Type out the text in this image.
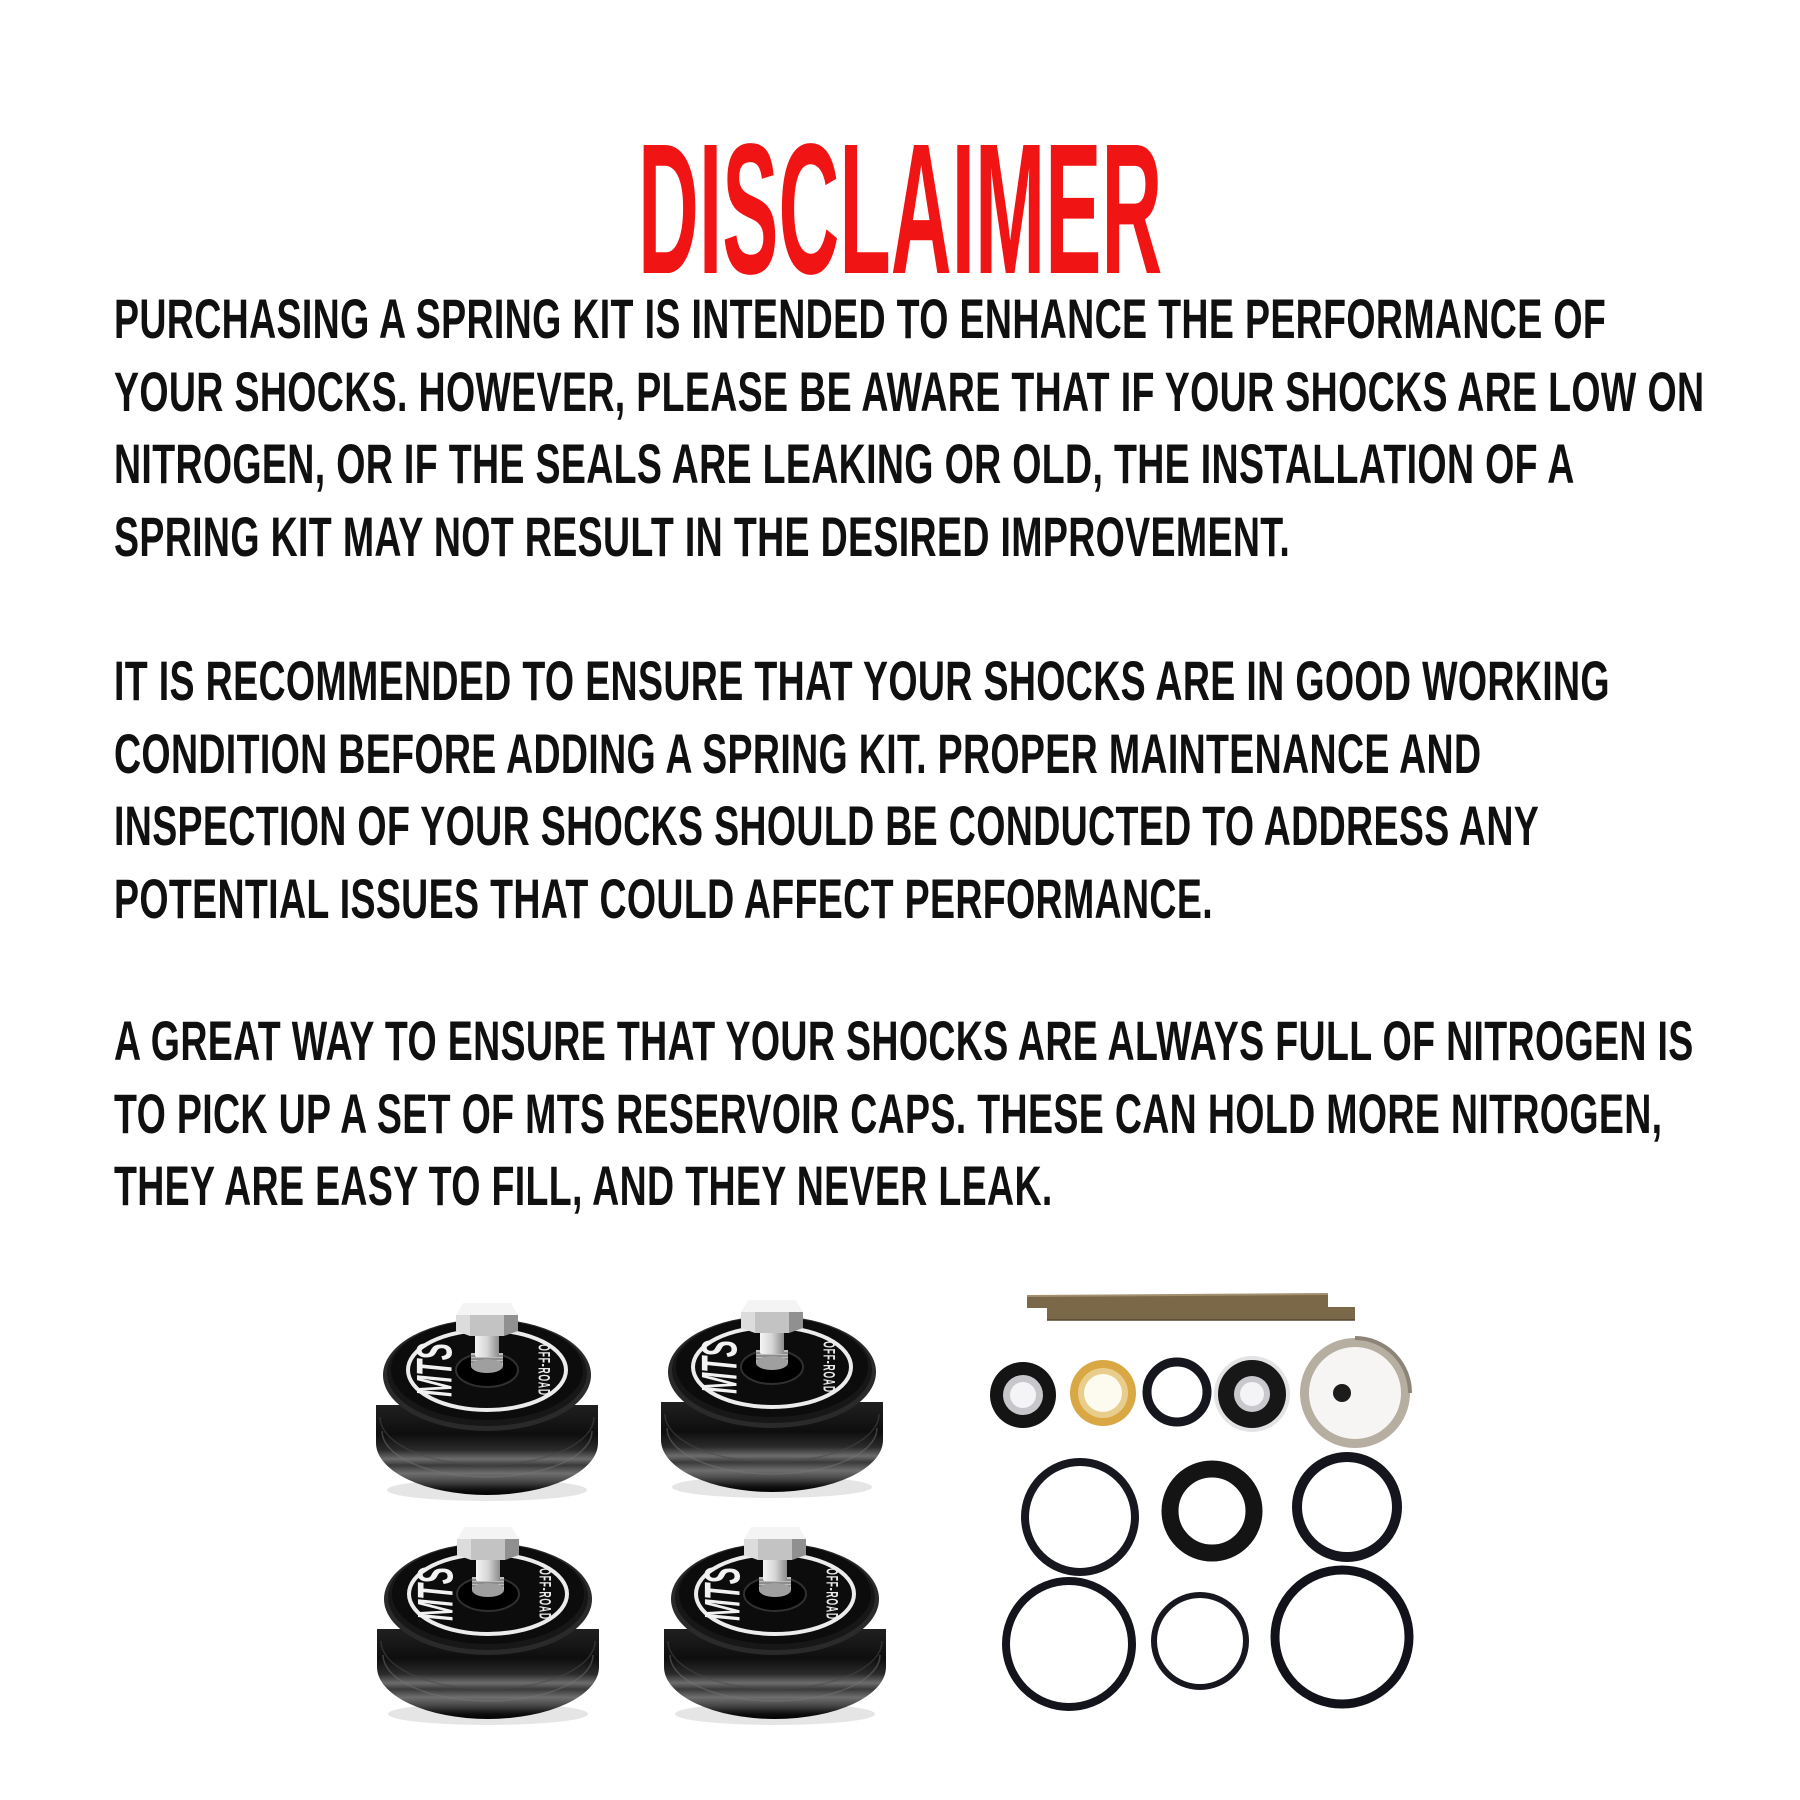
DISCLAIMER
PURCHASING A SPRING KIT IS INTENDED TO ENHANCE THE PERFORMANCE OF
YOUR SHOCKS. HOWEVER, PLEASE BE AWARE THAT IF YOUR SHOCKS ARE LOW ON
NITROGEN, OR IF THE SEALS ARE LEAKING OR OLD, THE INSTALLATION OF A
SPRING KIT MAY NOT RESULT IN THE DESIRED IMPROVEMENT.
IT IS RECOMMENDED TO ENSURE THAT YOUR SHOCKS ARE IN GOOD WORKING
CONDITION BEFORE ADDING A SPRING KIT. PROPER MAINTENANCE AND
INSPECTION OF YOUR SHOCKS SHOULD BE CONDUCTED TO ADDRESS ANY
POTENTIAL ISSUES THAT COULD AFFECT PERFORMANCE.
A GREAT WAY TO ENSURE THAT YOUR SHOCKS ARE ALWAYS FULL OF NITROGEN IS
TO PICK UP A SET OF MTS RESERVOIR CAPS. THESE CAN HOLD MORE NITROGEN,
THEY ARE EASY TO FILL, AND THEY NEVER LEAK.
